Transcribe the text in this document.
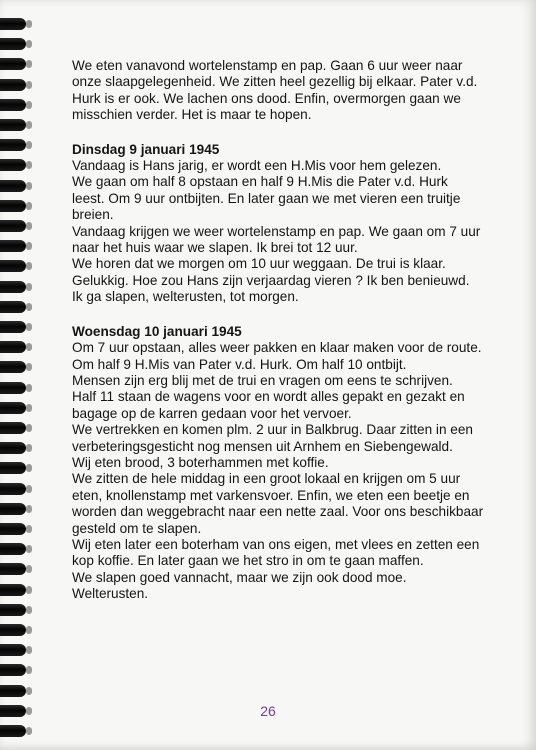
We eten vanavond wortelenstamp en pap. Gaan 6 uur weer naar
onze slaapgelegenheid. We zitten heel gezellig bij elkaar. Pater v.d.
Hurk is er ook. We lachen ons dood. Enfin, overmorgen gaan we
misschien verder. Het is maar te hopen.

Dinsdag 9 januari 1945

Vandaag is Hans jarig, er wordt een H.Mis voor hem gelezen.
We gaan om half 8 opstaan en half 9 H.Mis die Pater v.d. Hurk
leest. Om 9 uur ontbijten. En later gaan we met vieren een truitje
breien.
Vandaag krijgen we weer wortelenstamp en pap. We gaan om 7 uur
naar het huis waar we slapen. Ik brei tot 12 uur.
We horen dat we morgen om 10 uur weggaan. De trui is klaar.
Gelukkig. Hoe zou Hans zijn verjaardag vieren ? Ik ben benieuwd.
Ik ga slapen, welterusten, tot morgen.

Woensdag 10 januari 1945

Om 7 uur opstaan, alles weer pakken en klaar maken voor de route.
Om half 9 H.Mis van Pater v.d. Hurk. Om half 10 ontbijt.
Mensen zijn erg blij met de trui en vragen om eens te schrijven.
Half 11 staan de wagens voor en wordt alles gepakt en gezakt en
bagage op de karren gedaan voor het vervoer.
We vertrekken en komen plm. 2 uur in Balkbrug. Daar zitten in een
verbeteringsgesticht nog mensen uit Arnhem en Siebengewald.
Wij eten brood, 3 boterhammen met koffie.
We zitten de hele middag in een groot lokaal en krijgen om 5 uur
eten, knollenstamp met varkensvoer. Enfin, we eten een beetje en
worden dan weggebracht naar een nette zaal. Voor ons beschikbaar
gesteld om te slapen.
Wij eten later een boterham van ons eigen, met vlees en zetten een
kop koffie. En later gaan we het stro in om te gaan maffen.
We slapen goed vannacht, maar we zijn ook dood moe.
Welterusten.

26
